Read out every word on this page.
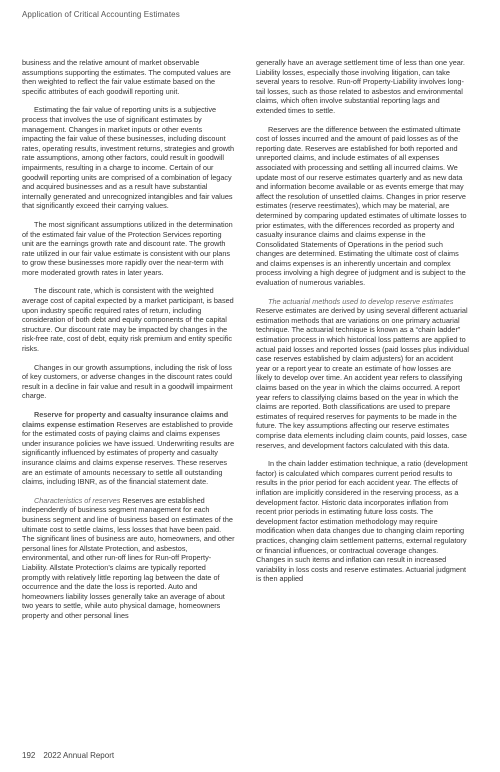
Application of Critical Accounting Estimates

business and the relative amount of market observable assumptions supporting the estimates. The computed values are then weighted to reflect the fair value estimate based on the specific attributes of each goodwill reporting unit.

Estimating the fair value of reporting units is a subjective process that involves the use of significant estimates by management. Changes in market inputs or other events impacting the fair value of these businesses, including discount rates, operating results, investment returns, strategies and growth rate assumptions, among other factors, could result in goodwill impairments, resulting in a charge to income. Certain of our goodwill reporting units are comprised of a combination of legacy and acquired businesses and as a result have substantial internally generated and unrecognized intangibles and fair values that significantly exceed their carrying values.

The most significant assumptions utilized in the determination of the estimated fair value of the Protection Services reporting unit are the earnings growth rate and discount rate. The growth rate utilized in our fair value estimate is consistent with our plans to grow these businesses more rapidly over the near-term with more moderated growth rates in later years.

The discount rate, which is consistent with the weighted average cost of capital expected by a market participant, is based upon industry specific required rates of return, including consideration of both debt and equity components of the capital structure. Our discount rate may be impacted by changes in the risk-free rate, cost of debt, equity risk premium and entity specific risks.

Changes in our growth assumptions, including the risk of loss of key customers, or adverse changes in the discount rates could result in a decline in fair value and result in a goodwill impairment charge.

Reserve for property and casualty insurance claims and claims expense estimation Reserves are established to provide for the estimated costs of paying claims and claims expenses under insurance policies we have issued. Underwriting results are significantly influenced by estimates of property and casualty insurance claims and claims expense reserves. These reserves are an estimate of amounts necessary to settle all outstanding claims, including IBNR, as of the financial statement date.

Characteristics of reserves Reserves are established independently of business segment management for each business segment and line of business based on estimates of the ultimate cost to settle claims, less losses that have been paid. The significant lines of business are auto, homeowners, and other personal lines for Allstate Protection, and asbestos, environmental, and other run-off lines for Run-off Property-Liability. Allstate Protection’s claims are typically reported promptly with relatively little reporting lag between the date of occurrence and the date the loss is reported. Auto and homeowners liability losses generally take an average of about two years to settle, while auto physical damage, homeowners property and other personal lines

generally have an average settlement time of less than one year. Liability losses, especially those involving litigation, can take several years to resolve. Run-off Property-Liability involves long-tail losses, such as those related to asbestos and environmental claims, which often involve substantial reporting lags and extended times to settle.

Reserves are the difference between the estimated ultimate cost of losses incurred and the amount of paid losses as of the reporting date. Reserves are established for both reported and unreported claims, and include estimates of all expenses associated with processing and settling all incurred claims. We update most of our reserve estimates quarterly and as new data and information become available or as events emerge that may affect the resolution of unsettled claims. Changes in prior reserve estimates (reserve reestimates), which may be material, are determined by comparing updated estimates of ultimate losses to prior estimates, with the differences recorded as property and casualty insurance claims and claims expense in the Consolidated Statements of Operations in the period such changes are determined. Estimating the ultimate cost of claims and claims expenses is an inherently uncertain and complex process involving a high degree of judgment and is subject to the evaluation of numerous variables.

The actuarial methods used to develop reserve estimates Reserve estimates are derived by using several different actuarial estimation methods that are variations on one primary actuarial technique. The actuarial technique is known as a “chain ladder” estimation process in which historical loss patterns are applied to actual paid losses and reported losses (paid losses plus individual case reserves established by claim adjusters) for an accident year or a report year to create an estimate of how losses are likely to develop over time. An accident year refers to classifying claims based on the year in which the claims occurred. A report year refers to classifying claims based on the year in which the claims are reported. Both classifications are used to prepare estimates of required reserves for payments to be made in the future. The key assumptions affecting our reserve estimates comprise data elements including claim counts, paid losses, case reserves, and development factors calculated with this data.

In the chain ladder estimation technique, a ratio (development factor) is calculated which compares current period results to results in the prior period for each accident year. The effects of inflation are implicitly considered in the reserving process, as a development factor. Historic data incorporates inflation from recent prior periods in estimating future loss costs. The development factor estimation methodology may require modification when data changes due to changing claim reporting practices, changing claim settlement patterns, external regulatory or financial influences, or contractual coverage changes. Changes in such items and inflation can result in increased variability in loss costs and reserve estimates. Actuarial judgment is then applied

192 2022 Annual Report
